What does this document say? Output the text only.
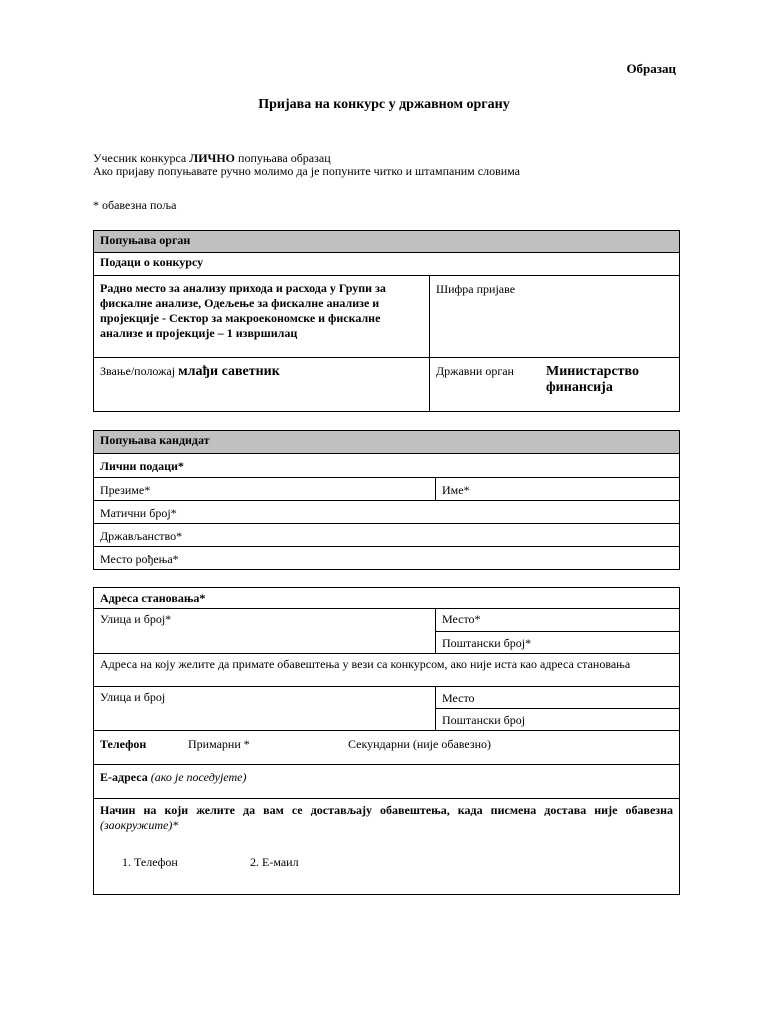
Образац
Пријава на конкурс у државном органу
Учесник конкурса ЛИЧНО попуњава образац
Ако пријаву попуњавате ручно молимо да је попуните читко и штампаним словима
* обавезна поља
Попуњава орган	
Подаци о конкурсу	
Радно место за анализу прихода и расхода у Групи за фискалне анализе, Одељење за фискалне анализе и пројекције - Сектор за макроекономске и фискалне анализе и пројекције – 1 извршилац	Шифра пријаве
Звање/положај млађи саветник	Државни орган Министарство финансија
Попуњава кандидат
Лични подаци*
Презиме*	Име*
Матични број*
Држављанство*
Место рођења*
Адреса становања*	
Улица и број*	Место*
	Поштански број*
Адреса на коју желите да примате обавештења у вези са конкурсом, ако није иста као адреса становања	
Улица и број	Место
	Поштански број

Телефон Примарни * Секундарни (није обавезно)	

Е-адреса (ако је поседујете)	

Начин на који желите да вам се достављају обавештења, када писмена достава није обавезна
(заокружите)*
1. Телефон 2. Е-маил	
